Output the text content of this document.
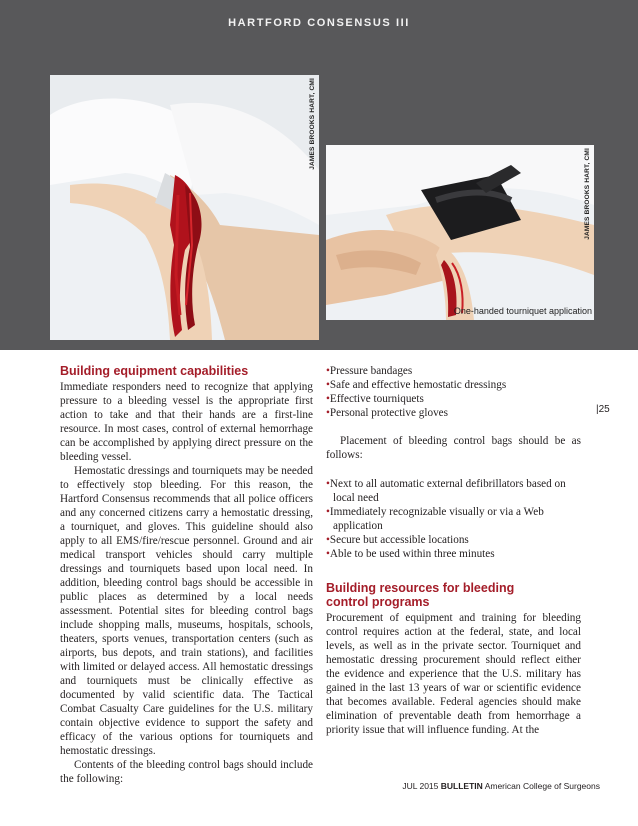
HARTFORD CONSENSUS III
JAMES BROOKS HART, CMI
JAMES BROOKS HART, CMI
One-handed tourniquet application
Building equipment capabilities

Immediate responders need to recognize that applying pressure to a bleeding vessel is the appropriate first action to take and that their hands are a first-line resource. In most cases, control of external hemorrhage can be accomplished by applying direct pressure on the bleeding vessel.

Hemostatic dressings and tourniquets may be needed to effectively stop bleeding. For this reason, the Hartford Consensus recommends that all police officers and any concerned citizens carry a hemostatic dressing, a tourniquet, and gloves. This guideline should also apply to all EMS/fire/rescue personnel. Ground and air medical transport vehicles should carry multiple dressings and tourniquets based upon local need. In addition, bleeding control bags should be accessible in public places as determined by a local needs assessment. Potential sites for bleeding control bags include shopping malls, museums, hospitals, schools, theaters, sports venues, transportation centers (such as airports, bus depots, and train stations), and facilities with limited or delayed access. All hemostatic dressings and tourniquets must be clinically effective as documented by valid scientific data. The Tactical Combat Casualty Care guidelines for the U.S. military contain objective evidence to support the safety and efficacy of the various options for tourniquets and hemostatic dressings.

Contents of the bleeding control bags should include the following:

•Pressure bandages
•Safe and effective hemostatic dressings
•Effective tourniquets
•Personal protective gloves

Placement of bleeding control bags should be as follows:

•Next to all automatic external defibrillators based on local need
•Immediately recognizable visually or via a Web application
•Secure but accessible locations
•Able to be used within three minutes
Building resources for bleeding control programs

Procurement of equipment and training for bleeding control requires action at the federal, state, and local levels, as well as in the private sector. Tourniquet and hemostatic dressing procurement should reflect either the evidence and experience that the U.S. military has gained in the last 13 years of war or scientific evidence that becomes available. Federal agencies should make elimination of preventable death from hemorrhage a priority issue that will influence funding. At the

|25
JUL 2015 BULLETIN American College of Surgeons
